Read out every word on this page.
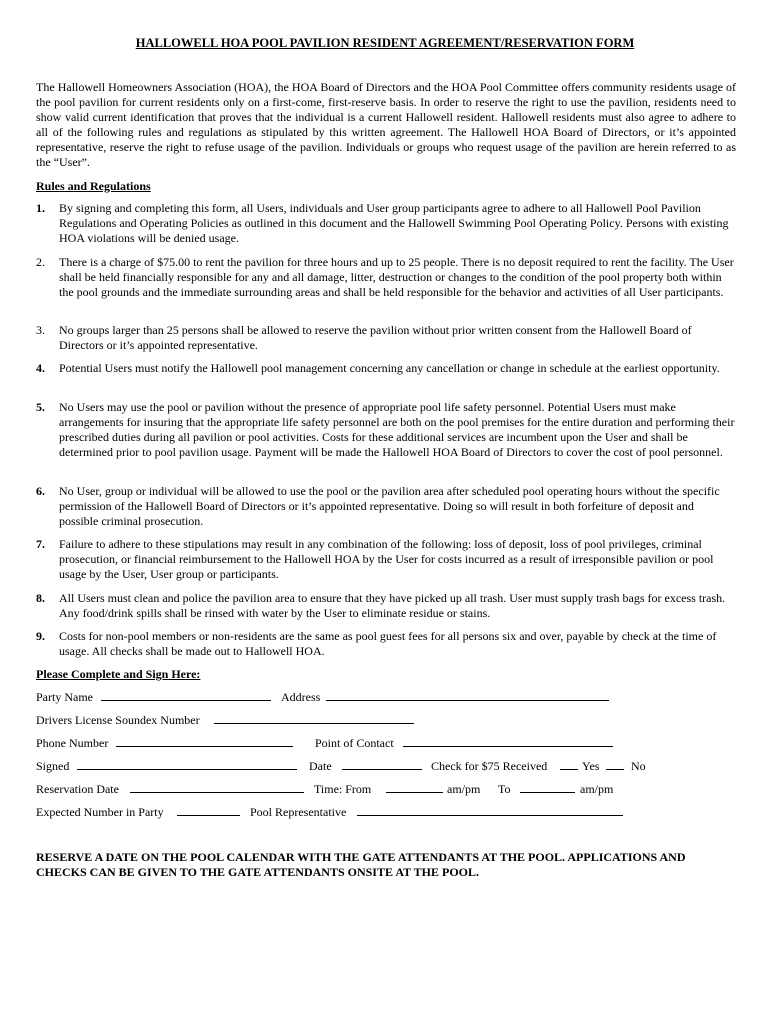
HALLOWELL HOA POOL PAVILION RESIDENT AGREEMENT/RESERVATION FORM
The Hallowell Homeowners Association (HOA), the HOA Board of Directors and the HOA Pool Committee offers community residents usage of the pool pavilion for current residents only on a first-come, first-reserve basis. In order to reserve the right to use the pavilion, residents need to show valid current identification that proves that the individual is a current Hallowell resident. Hallowell residents must also agree to adhere to all of the following rules and regulations as stipulated by this written agreement. The Hallowell HOA Board of Directors, or it’s appointed representative, reserve the right to refuse usage of the pavilion. Individuals or groups who request usage of the pavilion are herein referred to as the “User”.
Rules and Regulations
1. By signing and completing this form, all Users, individuals and User group participants agree to adhere to all Hallowell Pool Pavilion Regulations and Operating Policies as outlined in this document and the Hallowell Swimming Pool Operating Policy. Persons with existing HOA violations will be denied usage.
2. There is a charge of $75.00 to rent the pavilion for three hours and up to 25 people. There is no deposit required to rent the facility. The User shall be held financially responsible for any and all damage, litter, destruction or changes to the condition of the pool property both within the pool grounds and the immediate surrounding areas and shall be held responsible for the behavior and activities of all User participants.
3. No groups larger than 25 persons shall be allowed to reserve the pavilion without prior written consent from the Hallowell Board of Directors or it’s appointed representative.
4. Potential Users must notify the Hallowell pool management concerning any cancellation or change in schedule at the earliest opportunity.
5. No Users may use the pool or pavilion without the presence of appropriate pool life safety personnel. Potential Users must make arrangements for insuring that the appropriate life safety personnel are both on the pool premises for the entire duration and performing their prescribed duties during all pavilion or pool activities. Costs for these additional services are incumbent upon the User and shall be determined prior to pool pavilion usage. Payment will be made the Hallowell HOA Board of Directors to cover the cost of pool personnel.
6. No User, group or individual will be allowed to use the pool or the pavilion area after scheduled pool operating hours without the specific permission of the Hallowell Board of Directors or it’s appointed representative. Doing so will result in both forfeiture of deposit and possible criminal prosecution.
7. Failure to adhere to these stipulations may result in any combination of the following: loss of deposit, loss of pool privileges, criminal prosecution, or financial reimbursement to the Hallowell HOA by the User for costs incurred as a result of irresponsible pavilion or pool usage by the User, User group or participants.
8. All Users must clean and police the pavilion area to ensure that they have picked up all trash. User must supply trash bags for excess trash. Any food/drink spills shall be rinsed with water by the User to eliminate residue or stains.
9. Costs for non-pool members or non-residents are the same as pool guest fees for all persons six and over, payable by check at the time of usage. All checks shall be made out to Hallowell HOA.
Please Complete and Sign Here:
Party Name	Address
Drivers License Soundex Number
Phone Number	Point of Contact
Signed	Date	Check for $75 Received	Yes	No
Reservation Date	Time: From	am/pm To	am/pm
Expected Number in Party	Pool Representative
RESERVE A DATE ON THE POOL CALENDAR WITH THE GATE ATTENDANTS AT THE POOL. APPLICATIONS AND CHECKS CAN BE GIVEN TO THE GATE ATTENDANTS ONSITE AT THE POOL.
